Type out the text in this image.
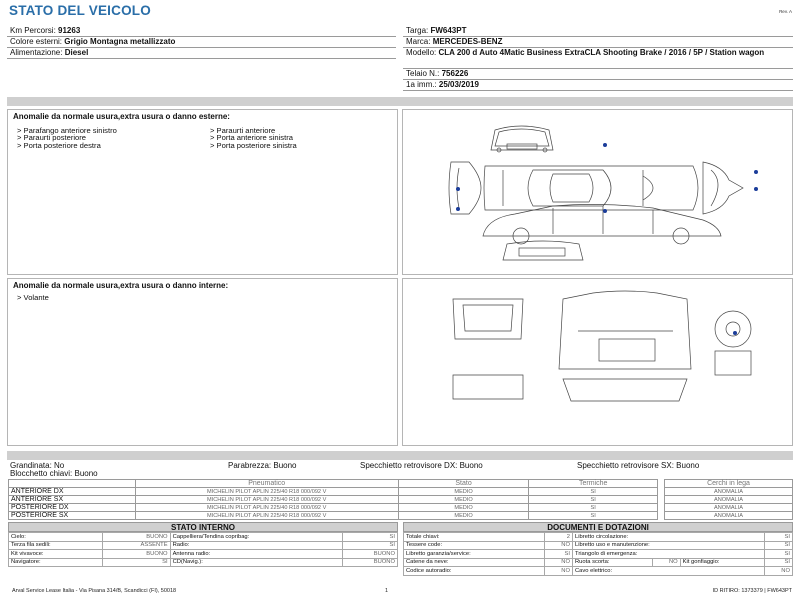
STATO DEL VEICOLO	Rev. A
Km Percorsi: 91263
Colore esterni: Grigio Montagna metallizzato
Alimentazione: Diesel
Targa: FW643PT
Marca: MERCEDES-BENZ
Modello: CLA 200 d Auto 4Matic Business ExtraCLA Shooting Brake / 2016 / 5P / Station wagon
Telaio N.: 756226
1a imm.: 25/03/2019
Anomalie da normale usura,extra usura o danno esterne:
> Parafango anteriore sinistro
> Paraurti posteriore
> Porta posteriore destra
> Paraurti anteriore
> Porta anteriore sinistra
> Porta posteriore sinistra
Anomalie da normale usura,extra usura o danno interne:
> Volante
Grandinata: No
Blocchetto chiavi: Buono
Parabrezza: Buono	Specchietto retrovisore DX: Buono	Specchietto retrovisore SX: Buono
	Pneumatico	Stato	Termiche
ANTERIORE DX	MICHELIN PILOT APLIN 225/40 R18 000/092 V	MEDIO	SI
ANTERIORE SX	MICHELIN PILOT APLIN 225/40 R18 000/092 V	MEDIO	SI
POSTERIORE DX	MICHELIN PILOT APLIN 225/40 R18 000/092 V	MEDIO	SI
POSTERIORE SX	MICHELIN PILOT APLIN 225/40 R18 000/092 V	MEDIO	SI
Cerchi in lega
ANOMALIA
ANOMALIA
ANOMALIA
ANOMALIA
STATO INTERNO
Cielo:	BUONO	Cappelliera/Tendina copribag:	SI
Terza fila sedili:	ASSENTE	Radio:	SI
Kit vivavoce:	BUONO	Antenna radio:	BUONO
Navigatore:	SI	CD(Navig.):	BUONO
DOCUMENTI E DOTAZIONI
Totale chiavi:	2	Libretto circolazione:			SI
Tessere code:	NO	Libretto uso e manutenzione:			SI
Libretto garanzia/service:	SI	Triangolo di emergenza:			SI
Catene da neve:	NO	Ruota scorta:	NO	Kit gonfiaggio:	SI
Codice autoradio:	NO	Cavo elettrico:			NO
Arval Service Lease Italia - Via Pisana 314/B, Scandicci (FI), 50018	1	ID RITIRO: 1373379 | FW643PT
